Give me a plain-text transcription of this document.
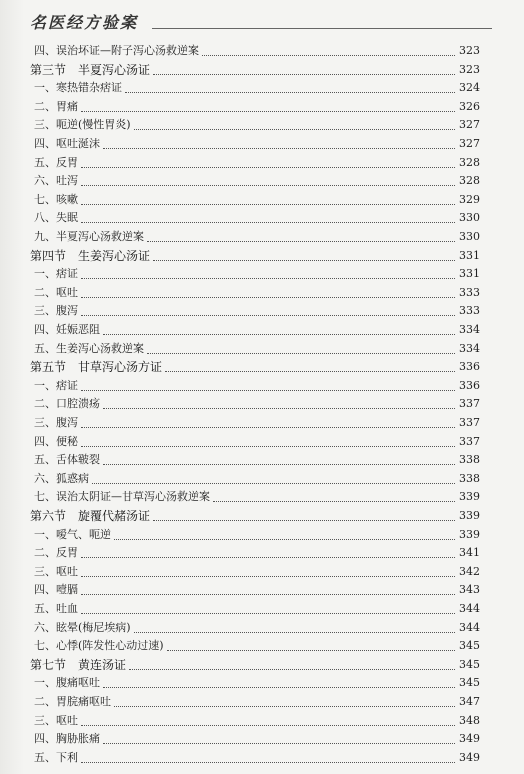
名医经方验案
四、误治坏证—附子泻心汤救逆案	323
第三节　半夏泻心汤证	323
一、寒热错杂痞证	324
二、胃痛	326
三、呃逆(慢性胃炎)	327
四、呕吐涎沫	327
五、反胃	328
六、吐泻	328
七、咳嗽	329
八、失眠	330
九、半夏泻心汤救逆案	330
第四节　生姜泻心汤证	331
一、痞证	331
二、呕吐	333
三、腹泻	333
四、妊娠恶阻	334
五、生姜泻心汤救逆案	334
第五节　甘草泻心汤方证	336
一、痞证	336
二、口腔溃疡	337
三、腹泻	337
四、便秘	337
五、舌体皲裂	338
六、狐惑病	338
七、误治太阴证—甘草泻心汤救逆案	339
第六节　旋覆代赭汤证	339
一、嗳气、呃逆	339
二、反胃	341
三、呕吐	342
四、噎膈	343
五、吐血	344
六、眩晕(梅尼埃病)	344
七、心悸(阵发性心动过速)	345
第七节　黄连汤证	345
一、腹痛呕吐	345
二、胃脘痛呕吐	347
三、呕吐	348
四、胸胁胀痛	349
五、下利	349
